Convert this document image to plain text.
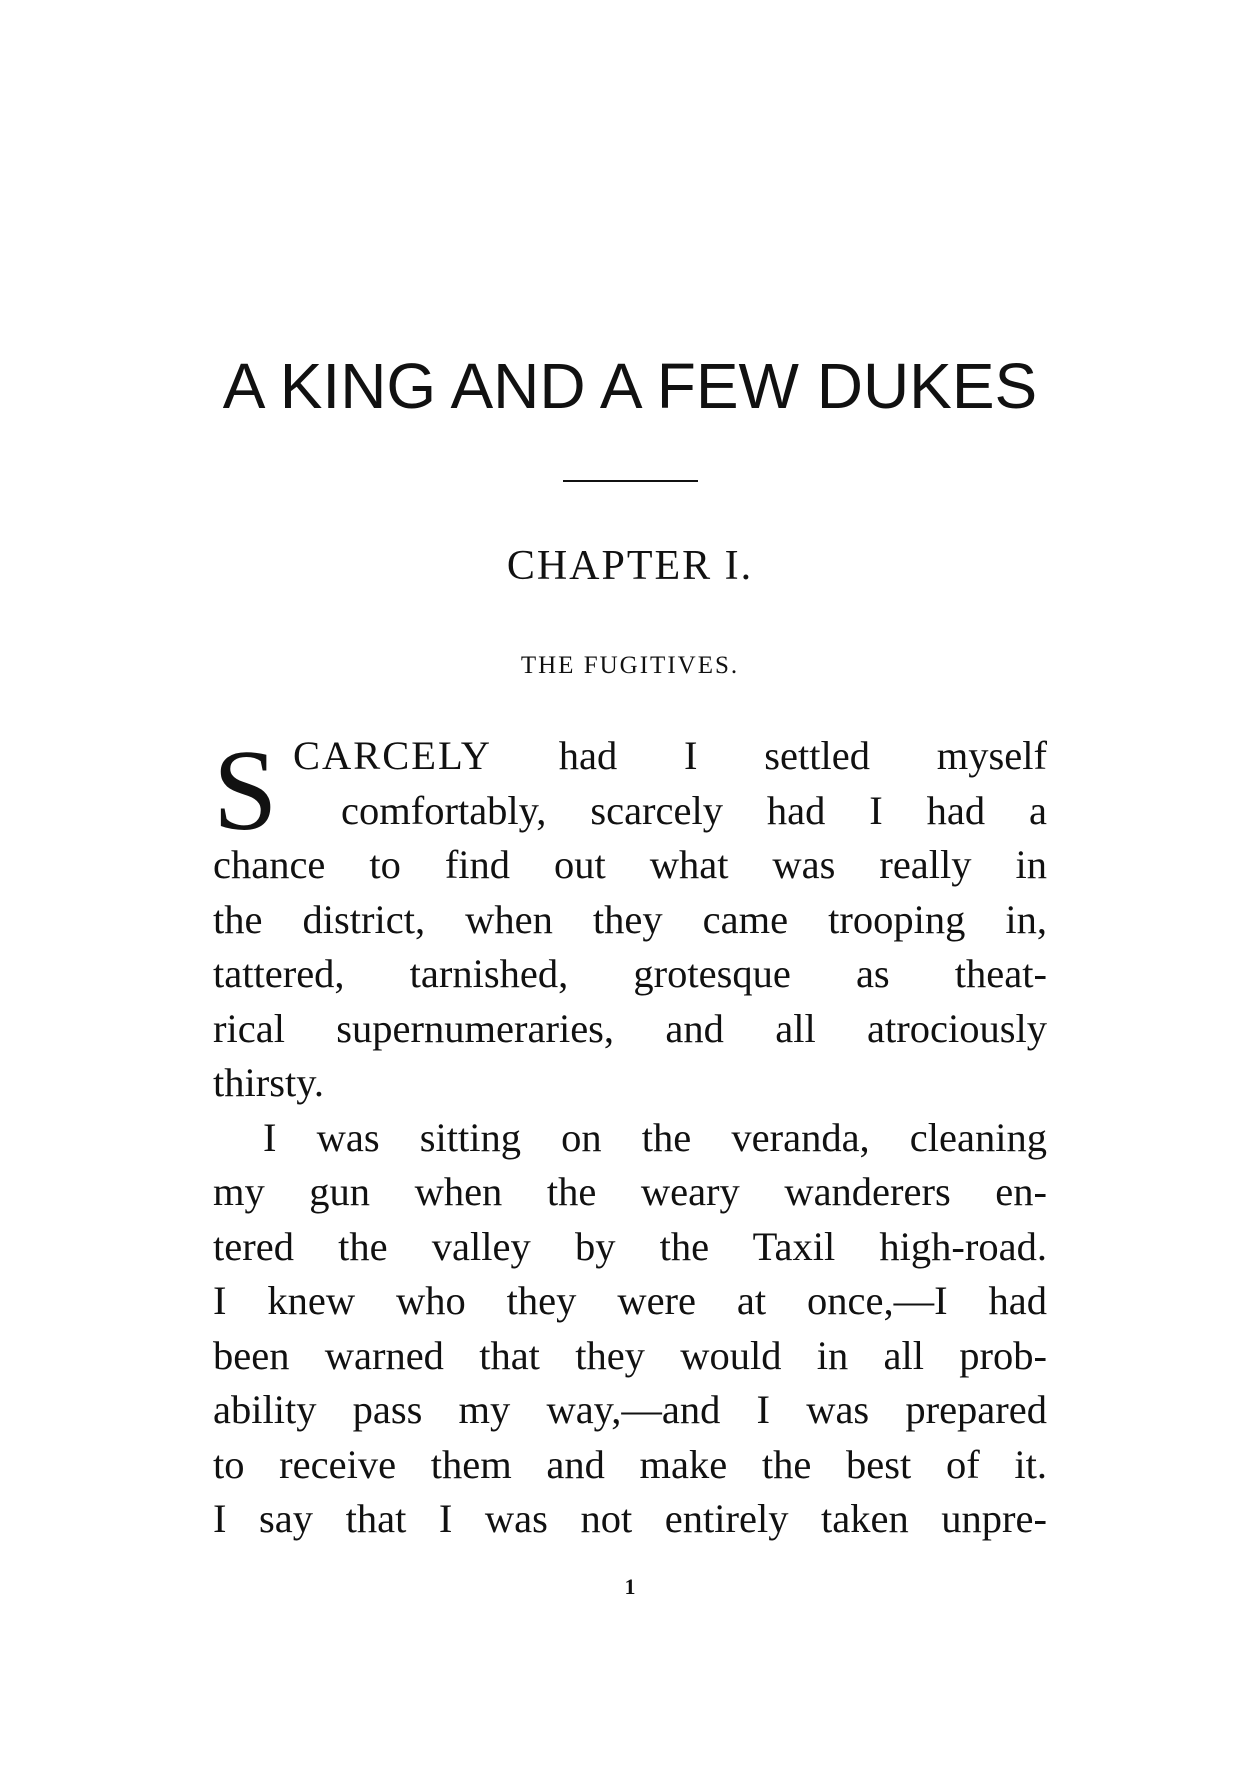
A KING AND A FEW DUKES
CHAPTER I.
THE FUGITIVES.
S CARCELY had I settled myself
comfortably, scarcely had I had a
chance to find out what was really in
the district, when they came trooping in,
tattered, tarnished, grotesque as theat-
rical supernumeraries, and all atrociously
thirsty.
I was sitting on the veranda, cleaning
my gun when the weary wanderers en-
tered the valley by the Taxil high-road.
I knew who they were at once,—I had
been warned that they would in all prob-
ability pass my way,—and I was prepared
to receive them and make the best of it.
I say that I was not entirely taken unpre-

1
